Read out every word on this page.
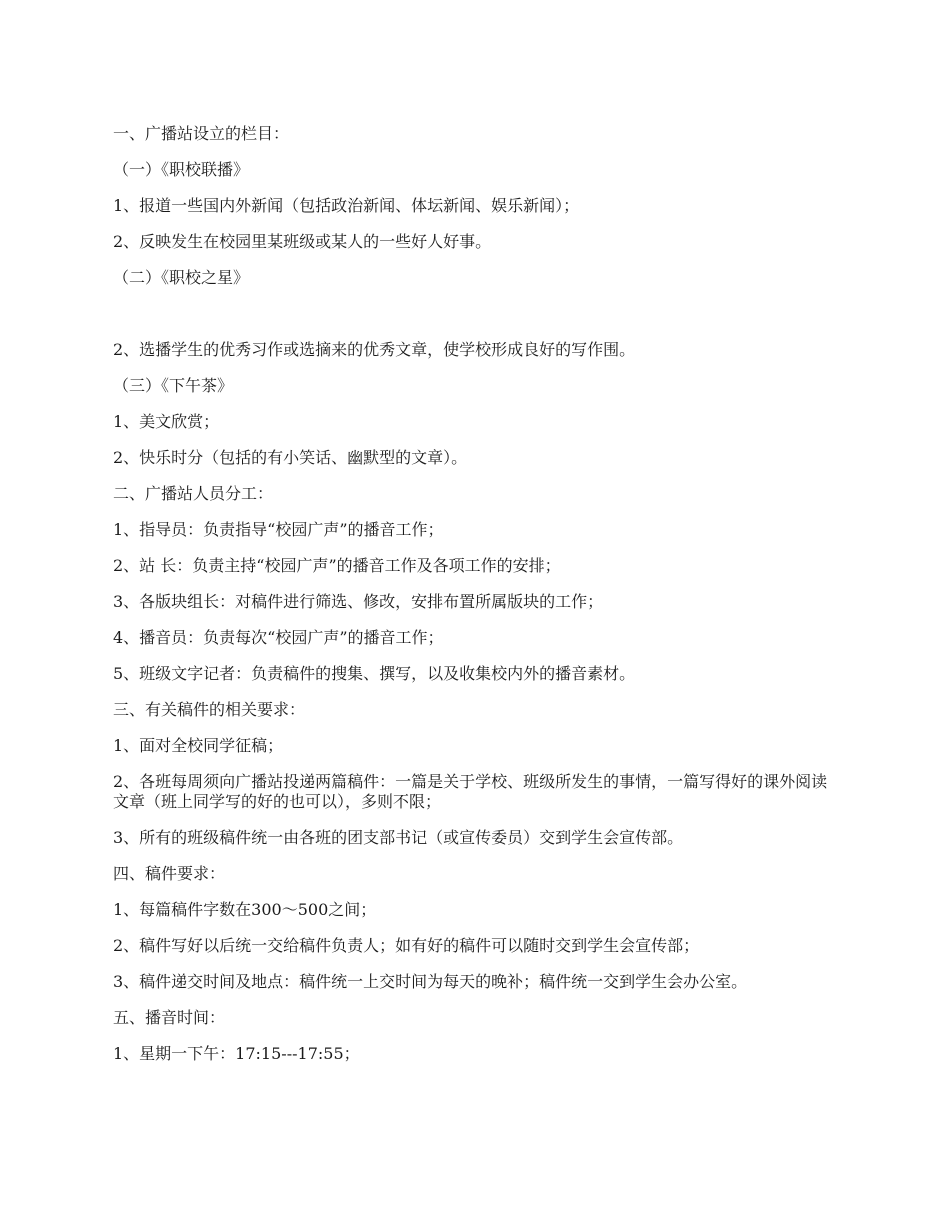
一、广播站设立的栏目：

（一）《职校联播》

1、报道一些国内外新闻（包括政治新闻、体坛新闻、娱乐新闻）；

2、反映发生在校园里某班级或某人的一些好人好事。

（二）《职校之星》

2、选播学生的优秀习作或选摘来的优秀文章，使学校形成良好的写作围。

（三）《下午茶》

1、美文欣赏；

2、快乐时分（包括的有小笑话、幽默型的文章）。

二、广播站人员分工：

1、指导员：负责指导“校园广声”的播音工作；

2、站 长：负责主持“校园广声”的播音工作及各项工作的安排；

3、各版块组长：对稿件进行筛选、修改，安排布置所属版块的工作；

4、播音员：负责每次“校园广声”的播音工作；

5、班级文字记者：负责稿件的搜集、撰写，以及收集校内外的播音素材。

三、有关稿件的相关要求：

1、面对全校同学征稿；

2、各班每周须向广播站投递两篇稿件：一篇是关于学校、班级所发生的事情，一篇写得好的课外阅读文章（班上同学写的好的也可以），多则不限；

3、所有的班级稿件统一由各班的团支部书记（或宣传委员）交到学生会宣传部。

四、稿件要求：

1、每篇稿件字数在300～500之间；

2、稿件写好以后统一交给稿件负责人；如有好的稿件可以随时交到学生会宣传部；

3、稿件递交时间及地点：稿件统一上交时间为每天的晚补；稿件统一交到学生会办公室。

五、播音时间：

1、星期一下午：17:15---17:55；
